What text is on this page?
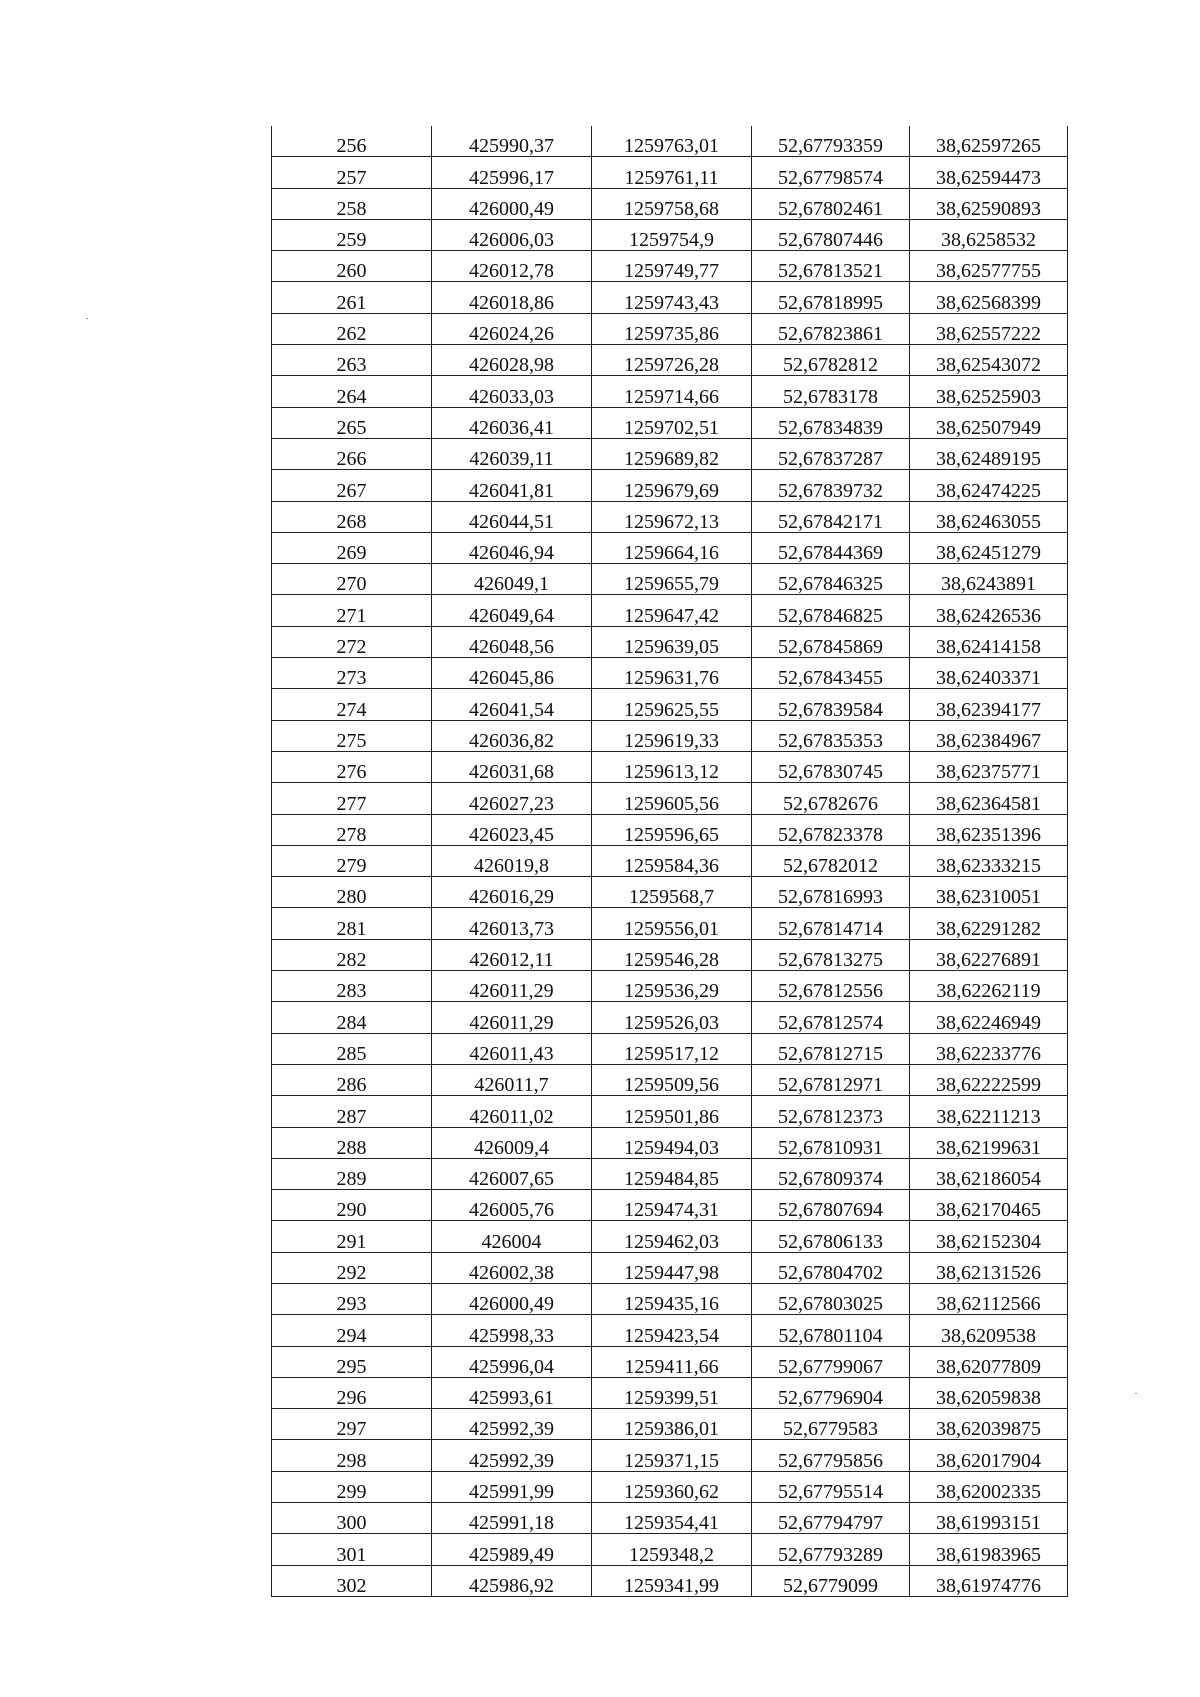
256	425990,37	1259763,01	52,67793359	38,62597265
257	425996,17	1259761,11	52,67798574	38,62594473
258	426000,49	1259758,68	52,67802461	38,62590893
259	426006,03	1259754,9	52,67807446	38,6258532
260	426012,78	1259749,77	52,67813521	38,62577755
261	426018,86	1259743,43	52,67818995	38,62568399
262	426024,26	1259735,86	52,67823861	38,62557222
263	426028,98	1259726,28	52,6782812	38,62543072
264	426033,03	1259714,66	52,6783178	38,62525903
265	426036,41	1259702,51	52,67834839	38,62507949
266	426039,11	1259689,82	52,67837287	38,62489195
267	426041,81	1259679,69	52,67839732	38,62474225
268	426044,51	1259672,13	52,67842171	38,62463055
269	426046,94	1259664,16	52,67844369	38,62451279
270	426049,1	1259655,79	52,67846325	38,6243891
271	426049,64	1259647,42	52,67846825	38,62426536
272	426048,56	1259639,05	52,67845869	38,62414158
273	426045,86	1259631,76	52,67843455	38,62403371
274	426041,54	1259625,55	52,67839584	38,62394177
275	426036,82	1259619,33	52,67835353	38,62384967
276	426031,68	1259613,12	52,67830745	38,62375771
277	426027,23	1259605,56	52,6782676	38,62364581
278	426023,45	1259596,65	52,67823378	38,62351396
279	426019,8	1259584,36	52,6782012	38,62333215
280	426016,29	1259568,7	52,67816993	38,62310051
281	426013,73	1259556,01	52,67814714	38,62291282
282	426012,11	1259546,28	52,67813275	38,62276891
283	426011,29	1259536,29	52,67812556	38,62262119
284	426011,29	1259526,03	52,67812574	38,62246949
285	426011,43	1259517,12	52,67812715	38,62233776
286	426011,7	1259509,56	52,67812971	38,62222599
287	426011,02	1259501,86	52,67812373	38,62211213
288	426009,4	1259494,03	52,67810931	38,62199631
289	426007,65	1259484,85	52,67809374	38,62186054
290	426005,76	1259474,31	52,67807694	38,62170465
291	426004	1259462,03	52,67806133	38,62152304
292	426002,38	1259447,98	52,67804702	38,62131526
293	426000,49	1259435,16	52,67803025	38,62112566
294	425998,33	1259423,54	52,67801104	38,6209538
295	425996,04	1259411,66	52,67799067	38,62077809
296	425993,61	1259399,51	52,67796904	38,62059838
297	425992,39	1259386,01	52,6779583	38,62039875
298	425992,39	1259371,15	52,67795856	38,62017904
299	425991,99	1259360,62	52,67795514	38,62002335
300	425991,18	1259354,41	52,67794797	38,61993151
301	425989,49	1259348,2	52,67793289	38,61983965
302	425986,92	1259341,99	52,6779099	38,61974776
